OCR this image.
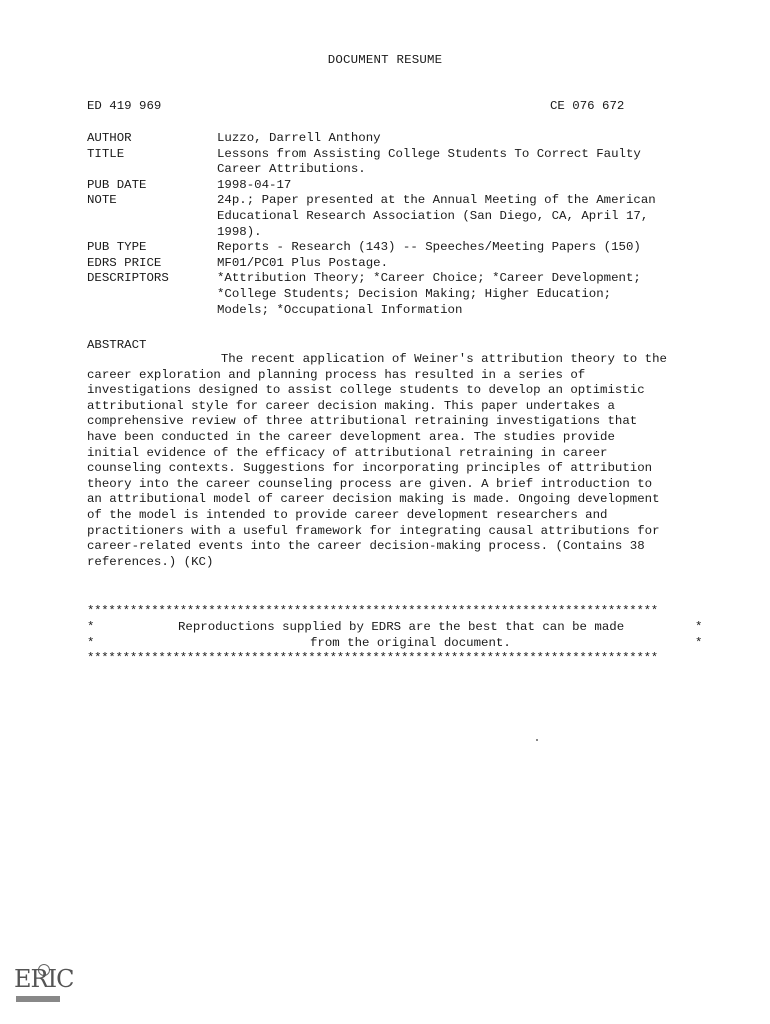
DOCUMENT RESUME
ED 419 969	CE 076 672
AUTHOR	Luzzo, Darrell Anthony
TITLE	Lessons from Assisting College Students To Correct Faulty
Career Attributions.
PUB DATE	1998-04-17
NOTE	24p.; Paper presented at the Annual Meeting of the American
Educational Research Association (San Diego, CA, April 17,
1998).
PUB TYPE	Reports - Research (143) -- Speeches/Meeting Papers (150)
EDRS PRICE	MF01/PC01 Plus Postage.
DESCRIPTORS	*Attribution Theory; *Career Choice; *Career Development;
*College Students; Decision Making; Higher Education;
Models; *Occupational Information
ABSTRACT
The recent application of Weiner's attribution theory to the
career exploration and planning process has resulted in a series of
investigations designed to assist college students to develop an optimistic
attributional style for career decision making. This paper undertakes a
comprehensive review of three attributional retraining investigations that
have been conducted in the career development area. The studies provide
initial evidence of the efficacy of attributional retraining in career
counseling contexts. Suggestions for incorporating principles of attribution
theory into the career counseling process are given. A brief introduction to
an attributional model of career decision making is made. Ongoing development
of the model is intended to provide career development researchers and
practitioners with a useful framework for integrating causal attributions for
career-related events into the career decision-making process. (Contains 38
references.) (KC)
********************************************************************************
*	Reproductions supplied by EDRS are the best that can be made	*
*	from the original document.	*
********************************************************************************
ERIC
